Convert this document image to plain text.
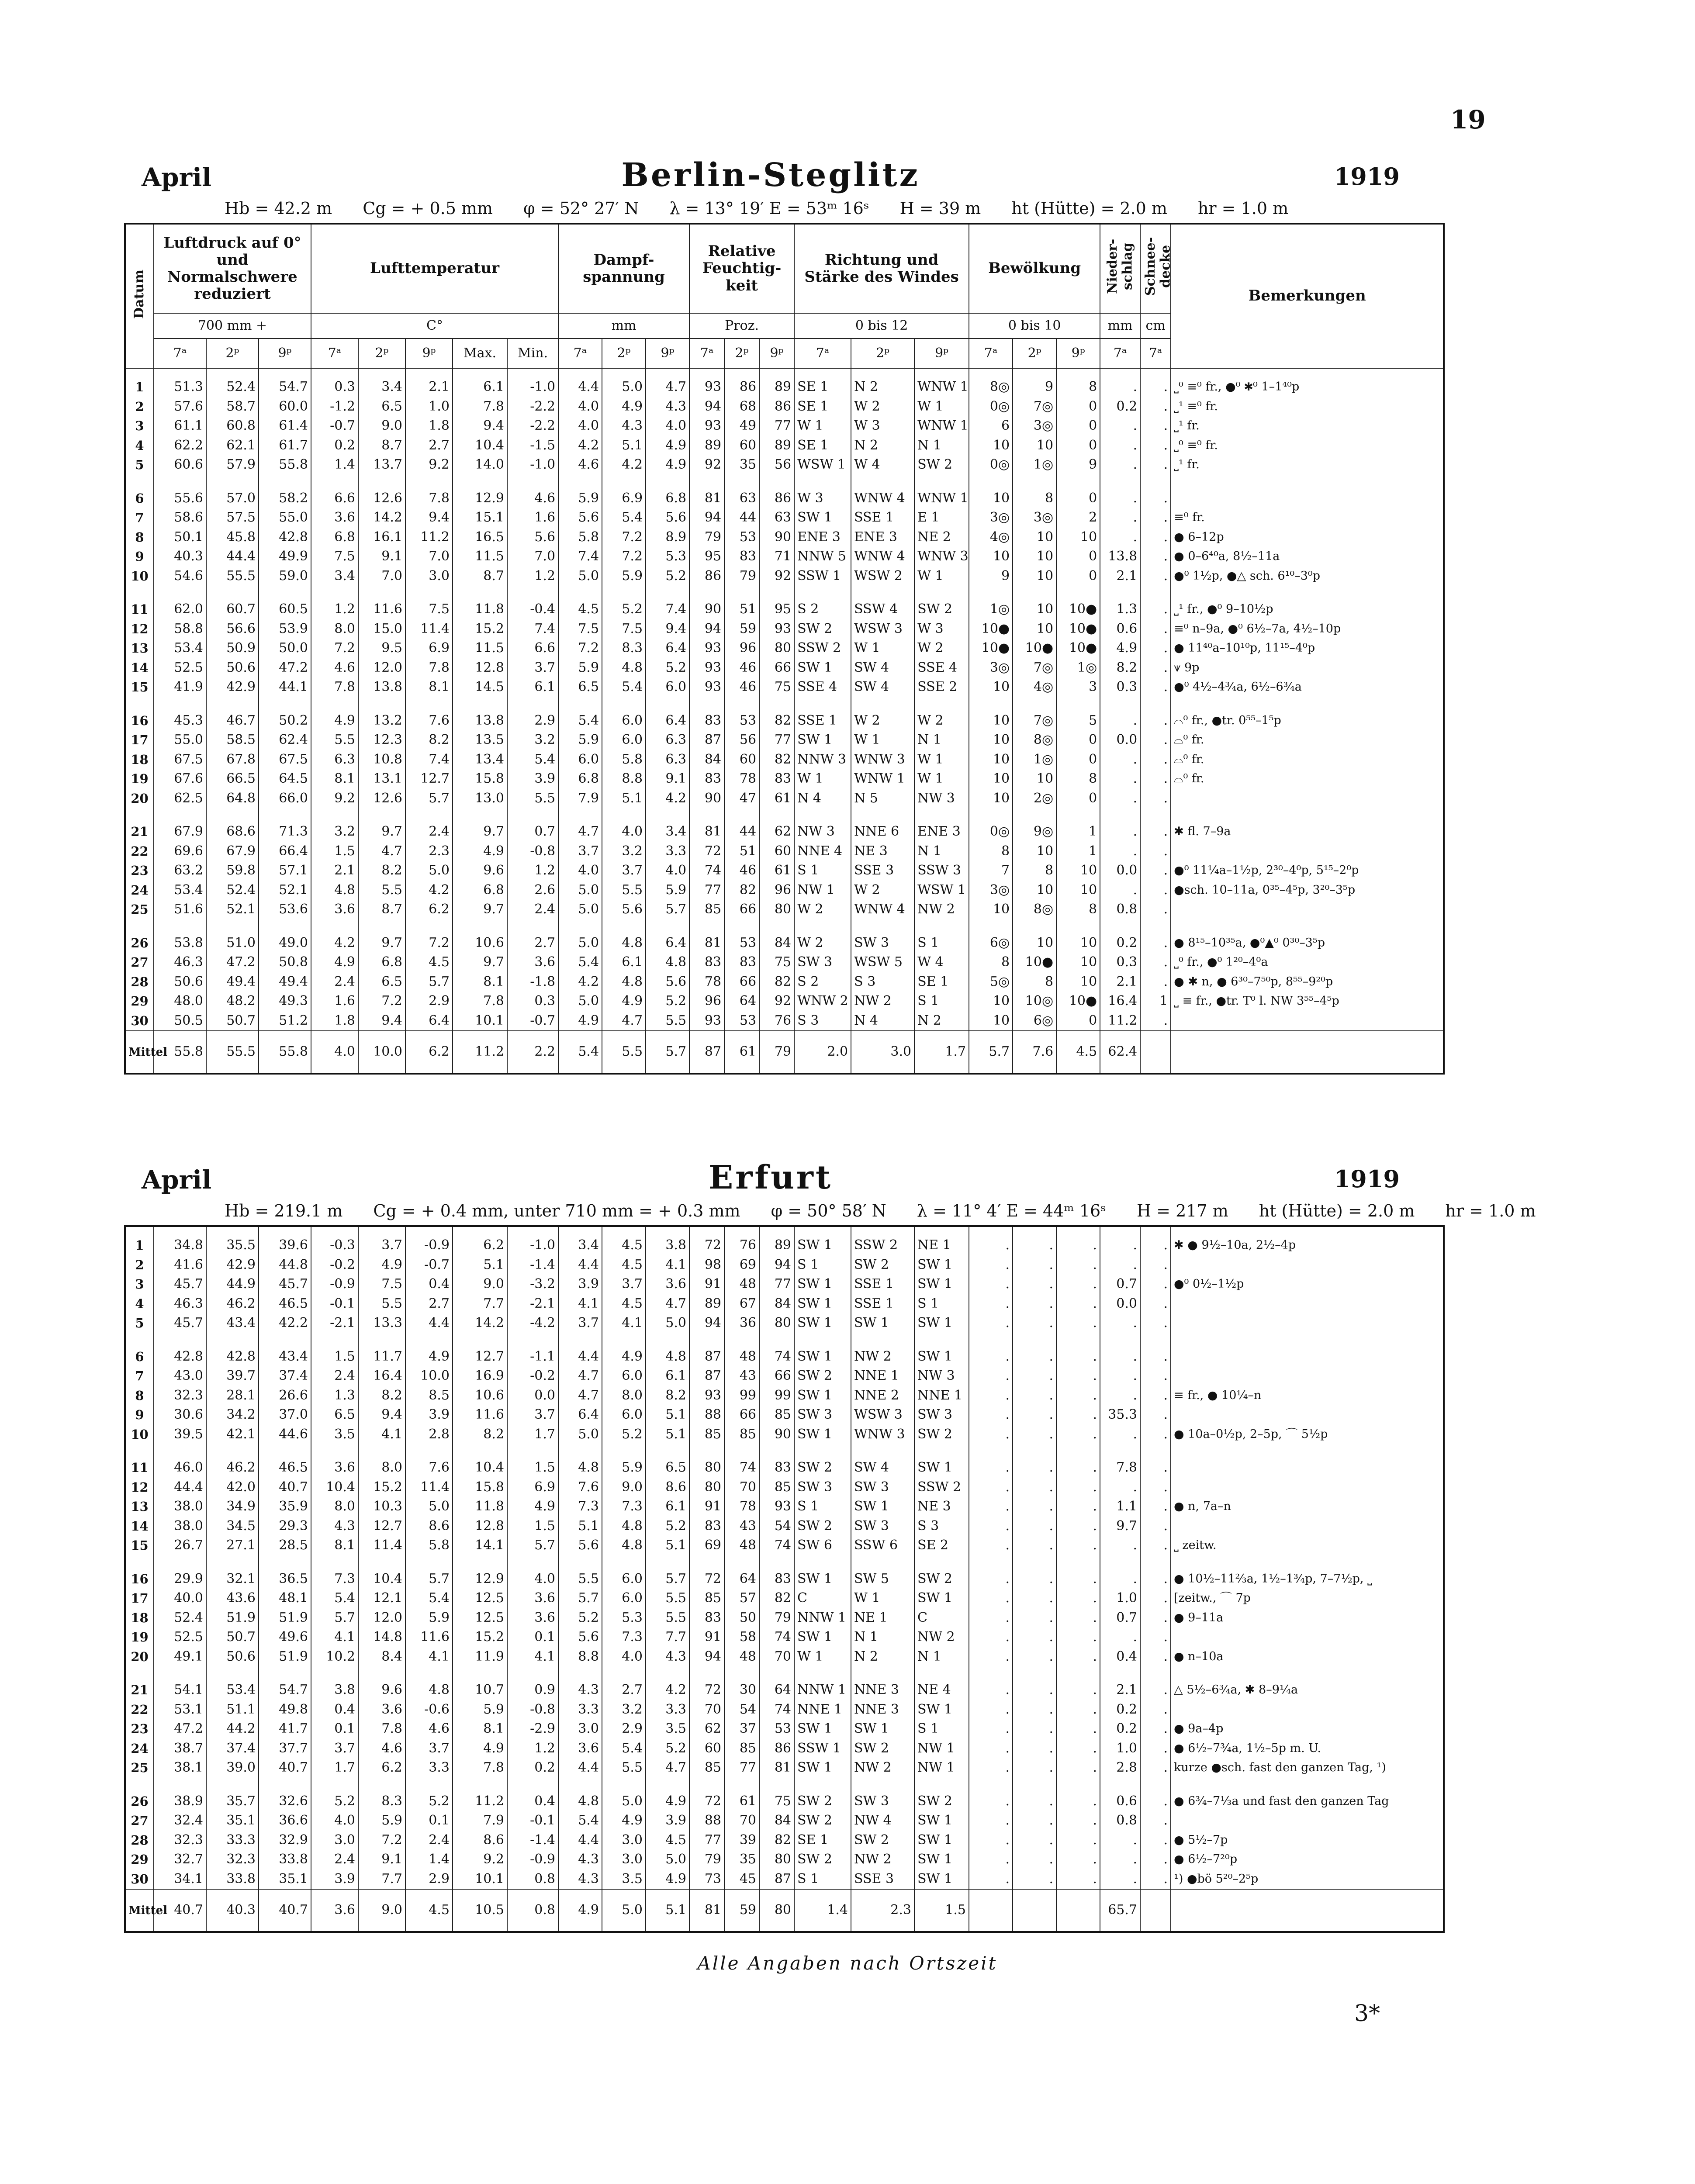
19
April	Berlin-Steglitz	1919
Hb = 42.2 m Cg = + 0.5 mm φ = 52° 27′ N λ = 13° 19′ E = 53ᵐ 16ˢ H = 39 m ht (Hütte) = 2.0 m hr = 1.0 m
Datum	Luftdruck auf 0° und Normalschwere reduziert			Lufttemperatur					Dampf-spannung			Relative Feuchtig-keit			Richtung und Stärke des Windes			Bewölkung			Nieder-schlag	Schnee-decke	Bemerkungen
	700 mm +			C°					mm			Proz.			0 bis 12			0 bis 10			mm	cm	
	7ᵃ	2ᵖ	9ᵖ	7ᵃ	2ᵖ	9ᵖ	Max.	Min.	7ᵃ	2ᵖ	9ᵖ	7ᵃ	2ᵖ	9ᵖ	7ᵃ	2ᵖ	9ᵖ	7ᵃ	2ᵖ	9ᵖ	7ᵃ	7ᵃ	
1	51.3	52.4	54.7	0.3	3.4	2.1	6.1	-1.0	4.4	5.0	4.7	93	86	89	SE 1	N 2	WNW 1	8◎	9	8	.	.	⎵⁰ ≡⁰ fr., ●⁰ ✱⁰ 1–1⁴⁰p
2	57.6	58.7	60.0	-1.2	6.5	1.0	7.8	-2.2	4.0	4.9	4.3	94	68	86	SE 1	W 2	W 1	0◎	7◎	0	0.2	.	⎵¹ ≡⁰ fr.
3	61.1	60.8	61.4	-0.7	9.0	1.8	9.4	-2.2	4.0	4.3	4.0	93	49	77	W 1	W 3	WNW 1	6	3◎	0	.	.	⎵¹ fr.
4	62.2	62.1	61.7	0.2	8.7	2.7	10.4	-1.5	4.2	5.1	4.9	89	60	89	SE 1	N 2	N 1	10	10	0	.	.	⎵⁰ ≡⁰ fr.
5	60.6	57.9	55.8	1.4	13.7	9.2	14.0	-1.0	4.6	4.2	4.9	92	35	56	WSW 1	W 4	SW 2	0◎	1◎	9	.	.	⎵¹ fr.

6	55.6	57.0	58.2	6.6	12.6	7.8	12.9	4.6	5.9	6.9	6.8	81	63	86	W 3	WNW 4	WNW 1	10	8	0	.	.	
7	58.6	57.5	55.0	3.6	14.2	9.4	15.1	1.6	5.6	5.4	5.6	94	44	63	SW 1	SSE 1	E 1	3◎	3◎	2	.	.	≡⁰ fr.
8	50.1	45.8	42.8	6.8	16.1	11.2	16.5	5.6	5.8	7.2	8.9	79	53	90	ENE 3	ENE 3	NE 2	4◎	10	10	.	.	● 6–12p
9	40.3	44.4	49.9	7.5	9.1	7.0	11.5	7.0	7.4	7.2	5.3	95	83	71	NNW 5	WNW 4	WNW 3	10	10	0	13.8	.	● 0–6⁴⁰a, 8½–11a
10	54.6	55.5	59.0	3.4	7.0	3.0	8.7	1.2	5.0	5.9	5.2	86	79	92	SSW 1	WSW 2	W 1	9	10	0	2.1	.	●⁰ 1½p, ●△ sch. 6¹⁰–3⁰p

11	62.0	60.7	60.5	1.2	11.6	7.5	11.8	-0.4	4.5	5.2	7.4	90	51	95	S 2	SSW 4	SW 2	1◎	10	10●	1.3	.	⎵¹ fr., ●⁰ 9–10½p
12	58.8	56.6	53.9	8.0	15.0	11.4	15.2	7.4	7.5	7.5	9.4	94	59	93	SW 2	WSW 3	W 3	10●	10	10●	0.6	.	≡⁰ n–9a, ●⁰ 6½–7a, 4½–10p
13	53.4	50.9	50.0	7.2	9.5	6.9	11.5	6.6	7.2	8.3	6.4	93	96	80	SSW 2	W 1	W 2	10●	10●	10●	4.9	.	● 11⁴⁰a–10¹⁰p, 11¹⁵–4⁰p
14	52.5	50.6	47.2	4.6	12.0	7.8	12.8	3.7	5.9	4.8	5.2	93	46	66	SW 1	SW 4	SSE 4	3◎	7◎	1◎	8.2	.	⩛ 9p
15	41.9	42.9	44.1	7.8	13.8	8.1	14.5	6.1	6.5	5.4	6.0	93	46	75	SSE 4	SW 4	SSE 2	10	4◎	3	0.3	.	●⁰ 4½–4¾a, 6½–6¾a

16	45.3	46.7	50.2	4.9	13.2	7.6	13.8	2.9	5.4	6.0	6.4	83	53	82	SSE 1	W 2	W 2	10	7◎	5	.	.	⌓⁰ fr., ●tr. 0⁵⁵–1⁵p
17	55.0	58.5	62.4	5.5	12.3	8.2	13.5	3.2	5.9	6.0	6.3	87	56	77	SW 1	W 1	N 1	10	8◎	0	0.0	.	⌓⁰ fr.
18	67.5	67.8	67.5	6.3	10.8	7.4	13.4	5.4	6.0	5.8	6.3	84	60	82	NNW 3	WNW 3	W 1	10	1◎	0	.	.	⌓⁰ fr.
19	67.6	66.5	64.5	8.1	13.1	12.7	15.8	3.9	6.8	8.8	9.1	83	78	83	W 1	WNW 1	W 1	10	10	8	.	.	⌓⁰ fr.
20	62.5	64.8	66.0	9.2	12.6	5.7	13.0	5.5	7.9	5.1	4.2	90	47	61	N 4	N 5	NW 3	10	2◎	0	.	.	

21	67.9	68.6	71.3	3.2	9.7	2.4	9.7	0.7	4.7	4.0	3.4	81	44	62	NW 3	NNE 6	ENE 3	0◎	9◎	1	.	.	✱ fl. 7–9a
22	69.6	67.9	66.4	1.5	4.7	2.3	4.9	-0.8	3.7	3.2	3.3	72	51	60	NNE 4	NE 3	N 1	8	10	1	.	.	
23	63.2	59.8	57.1	2.1	8.2	5.0	9.6	1.2	4.0	3.7	4.0	74	46	61	S 1	SSE 3	SSW 3	7	8	10	0.0	.	●⁰ 11¼a–1½p, 2³⁰–4⁰p, 5¹⁵–2⁰p
24	53.4	52.4	52.1	4.8	5.5	4.2	6.8	2.6	5.0	5.5	5.9	77	82	96	NW 1	W 2	WSW 1	3◎	10	10	.	.	●sch. 10–11a, 0³⁵–4⁵p, 3²⁰–3⁵p
25	51.6	52.1	53.6	3.6	8.7	6.2	9.7	2.4	5.0	5.6	5.7	85	66	80	W 2	WNW 4	NW 2	10	8◎	8	0.8	.	

26	53.8	51.0	49.0	4.2	9.7	7.2	10.6	2.7	5.0	4.8	6.4	81	53	84	W 2	SW 3	S 1	6◎	10	10	0.2	.	● 8¹⁵–10³⁵a, ●⁰▲⁰ 0³⁰–3⁵p
27	46.3	47.2	50.8	4.9	6.8	4.5	9.7	3.6	5.4	6.1	4.8	83	83	75	SW 3	WSW 5	W 4	8	10●	10	0.3	.	⎵⁰ fr., ●⁰ 1²⁰–4⁰a
28	50.6	49.4	49.4	2.4	6.5	5.7	8.1	-1.8	4.2	4.8	5.6	78	66	82	S 2	S 3	SE 1	5◎	8	10	2.1	.	● ✱ n, ● 6³⁰–7⁵⁰p, 8⁵⁵–9²⁰p
29	48.0	48.2	49.3	1.6	7.2	2.9	7.8	0.3	5.0	4.9	5.2	96	64	92	WNW 2	NW 2	S 1	10	10◎	10●	16.4	1	⎵ ≡ fr., ●tr. T⁰ l. NW 3⁵⁵–4⁵p
30	50.5	50.7	51.2	1.8	9.4	6.4	10.1	-0.7	4.9	4.7	5.5	93	53	76	S 3	N 4	N 2	10	6◎	0	11.2	.	
Mittel	55.8	55.5	55.8	4.0	10.0	6.2	11.2	2.2	5.4	5.5	5.7	87	61	79	2.0	3.0	1.7	5.7	7.6	4.5	62.4		
April	Erfurt	1919
Hb = 219.1 m Cg = + 0.4 mm, unter 710 mm = + 0.3 mm φ = 50° 58′ N λ = 11° 4′ E = 44ᵐ 16ˢ H = 217 m ht (Hütte) = 2.0 m hr = 1.0 m
1	34.8	35.5	39.6	-0.3	3.7	-0.9	6.2	-1.0	3.4	4.5	3.8	72	76	89	SW 1	SSW 2	NE 1	.	.	.	.	.	✱ ● 9½–10a, 2½–4p
2	41.6	42.9	44.8	-0.2	4.9	-0.7	5.1	-1.4	4.4	4.5	4.1	98	69	94	S 1	SW 2	SW 1	.	.	.	.	.	
3	45.7	44.9	45.7	-0.9	7.5	0.4	9.0	-3.2	3.9	3.7	3.6	91	48	77	SW 1	SSE 1	SW 1	.	.	.	0.7	.	●⁰ 0½–1½p
4	46.3	46.2	46.5	-0.1	5.5	2.7	7.7	-2.1	4.1	4.5	4.7	89	67	84	SW 1	SSE 1	S 1	.	.	.	0.0	.	
5	45.7	43.4	42.2	-2.1	13.3	4.4	14.2	-4.2	3.7	4.1	5.0	94	36	80	SW 1	SW 1	SW 1	.	.	.	.	.	

6	42.8	42.8	43.4	1.5	11.7	4.9	12.7	-1.1	4.4	4.9	4.8	87	48	74	SW 1	NW 2	SW 1	.	.	.	.	.	
7	43.0	39.7	37.4	2.4	16.4	10.0	16.9	-0.2	4.7	6.0	6.1	87	43	66	SW 2	NNE 1	NW 3	.	.	.	.	.	
8	32.3	28.1	26.6	1.3	8.2	8.5	10.6	0.0	4.7	8.0	8.2	93	99	99	SW 1	NNE 2	NNE 1	.	.	.	.	.	≡ fr., ● 10¼–n
9	30.6	34.2	37.0	6.5	9.4	3.9	11.6	3.7	6.4	6.0	5.1	88	66	85	SW 3	WSW 3	SW 3	.	.	.	35.3	.	
10	39.5	42.1	44.6	3.5	4.1	2.8	8.2	1.7	5.0	5.2	5.1	85	85	90	SW 1	WNW 3	SW 2	.	.	.	.	.	● 10a–0½p, 2–5p, ⌒ 5½p

11	46.0	46.2	46.5	3.6	8.0	7.6	10.4	1.5	4.8	5.9	6.5	80	74	83	SW 2	SW 4	SW 1	.	.	.	7.8	.	
12	44.4	42.0	40.7	10.4	15.2	11.4	15.8	6.9	7.6	9.0	8.6	80	70	85	SW 3	SW 3	SSW 2	.	.	.	.	.	
13	38.0	34.9	35.9	8.0	10.3	5.0	11.8	4.9	7.3	7.3	6.1	91	78	93	S 1	SW 1	NE 3	.	.	.	1.1	.	● n, 7a–n
14	38.0	34.5	29.3	4.3	12.7	8.6	12.8	1.5	5.1	4.8	5.2	83	43	54	SW 2	SW 3	S 3	.	.	.	9.7	.	
15	26.7	27.1	28.5	8.1	11.4	5.8	14.1	5.7	5.6	4.8	5.1	69	48	74	SW 6	SSW 6	SE 2	.	.	.	.	.	⎵ zeitw.

16	29.9	32.1	36.5	7.3	10.4	5.7	12.9	4.0	5.5	6.0	5.7	72	64	83	SW 1	SW 5	SW 2	.	.	.	.	.	● 10½–11⅔a, 1½–1¾p, 7–7½p, ⎵
17	40.0	43.6	48.1	5.4	12.1	5.4	12.5	3.6	5.7	6.0	5.5	85	57	82	C	W 1	SW 1	.	.	.	1.0	.	[zeitw., ⌒ 7p
18	52.4	51.9	51.9	5.7	12.0	5.9	12.5	3.6	5.2	5.3	5.5	83	50	79	NNW 1	NE 1	C	.	.	.	0.7	.	● 9–11a
19	52.5	50.7	49.6	4.1	14.8	11.6	15.2	0.1	5.6	7.3	7.7	91	58	74	SW 1	N 1	NW 2	.	.	.	.	.	
20	49.1	50.6	51.9	10.2	8.4	4.1	11.9	4.1	8.8	4.0	4.3	94	48	70	W 1	N 2	N 1	.	.	.	0.4	.	● n–10a

21	54.1	53.4	54.7	3.8	9.6	4.8	10.7	0.9	4.3	2.7	4.2	72	30	64	NNW 1	NNE 3	NE 4	.	.	.	2.1	.	△ 5½–6¾a, ✱ 8–9¼a
22	53.1	51.1	49.8	0.4	3.6	-0.6	5.9	-0.8	3.3	3.2	3.3	70	54	74	NNE 1	NNE 3	SW 1	.	.	.	0.2	.	
23	47.2	44.2	41.7	0.1	7.8	4.6	8.1	-2.9	3.0	2.9	3.5	62	37	53	SW 1	SW 1	S 1	.	.	.	0.2	.	● 9a–4p
24	38.7	37.4	37.7	3.7	4.6	3.7	4.9	1.2	3.6	5.4	5.2	60	85	86	SSW 1	SW 2	NW 1	.	.	.	1.0	.	● 6½–7¾a, 1½–5p m. U.
25	38.1	39.0	40.7	1.7	6.2	3.3	7.8	0.2	4.4	5.5	4.7	85	77	81	SW 1	NW 2	NW 1	.	.	.	2.8	.	kurze ●sch. fast den ganzen Tag, ¹)

26	38.9	35.7	32.6	5.2	8.3	5.2	11.2	0.4	4.8	5.0	4.9	72	61	75	SW 2	SW 3	SW 2	.	.	.	0.6	.	● 6¾–7⅓a und fast den ganzen Tag
27	32.4	35.1	36.6	4.0	5.9	0.1	7.9	-0.1	5.4	4.9	3.9	88	70	84	SW 2	NW 4	SW 1	.	.	.	0.8	.	
28	32.3	33.3	32.9	3.0	7.2	2.4	8.6	-1.4	4.4	3.0	4.5	77	39	82	SE 1	SW 2	SW 1	.	.	.	.	.	● 5½–7p
29	32.7	32.3	33.8	2.4	9.1	1.4	9.2	-0.9	4.3	3.0	5.0	79	35	80	SW 2	NW 2	SW 1	.	.	.	.	.	● 6½–7²⁰p
30	34.1	33.8	35.1	3.9	7.7	2.9	10.1	0.8	4.3	3.5	4.9	73	45	87	S 1	SSE 3	SW 1	.	.	.	.	.	¹) ●bö 5²⁰–2⁵p
Mittel	40.7	40.3	40.7	3.6	9.0	4.5	10.5	0.8	4.9	5.0	5.1	81	59	80	1.4	2.3	1.5				65.7		
Alle Angaben nach Ortszeit
3*
